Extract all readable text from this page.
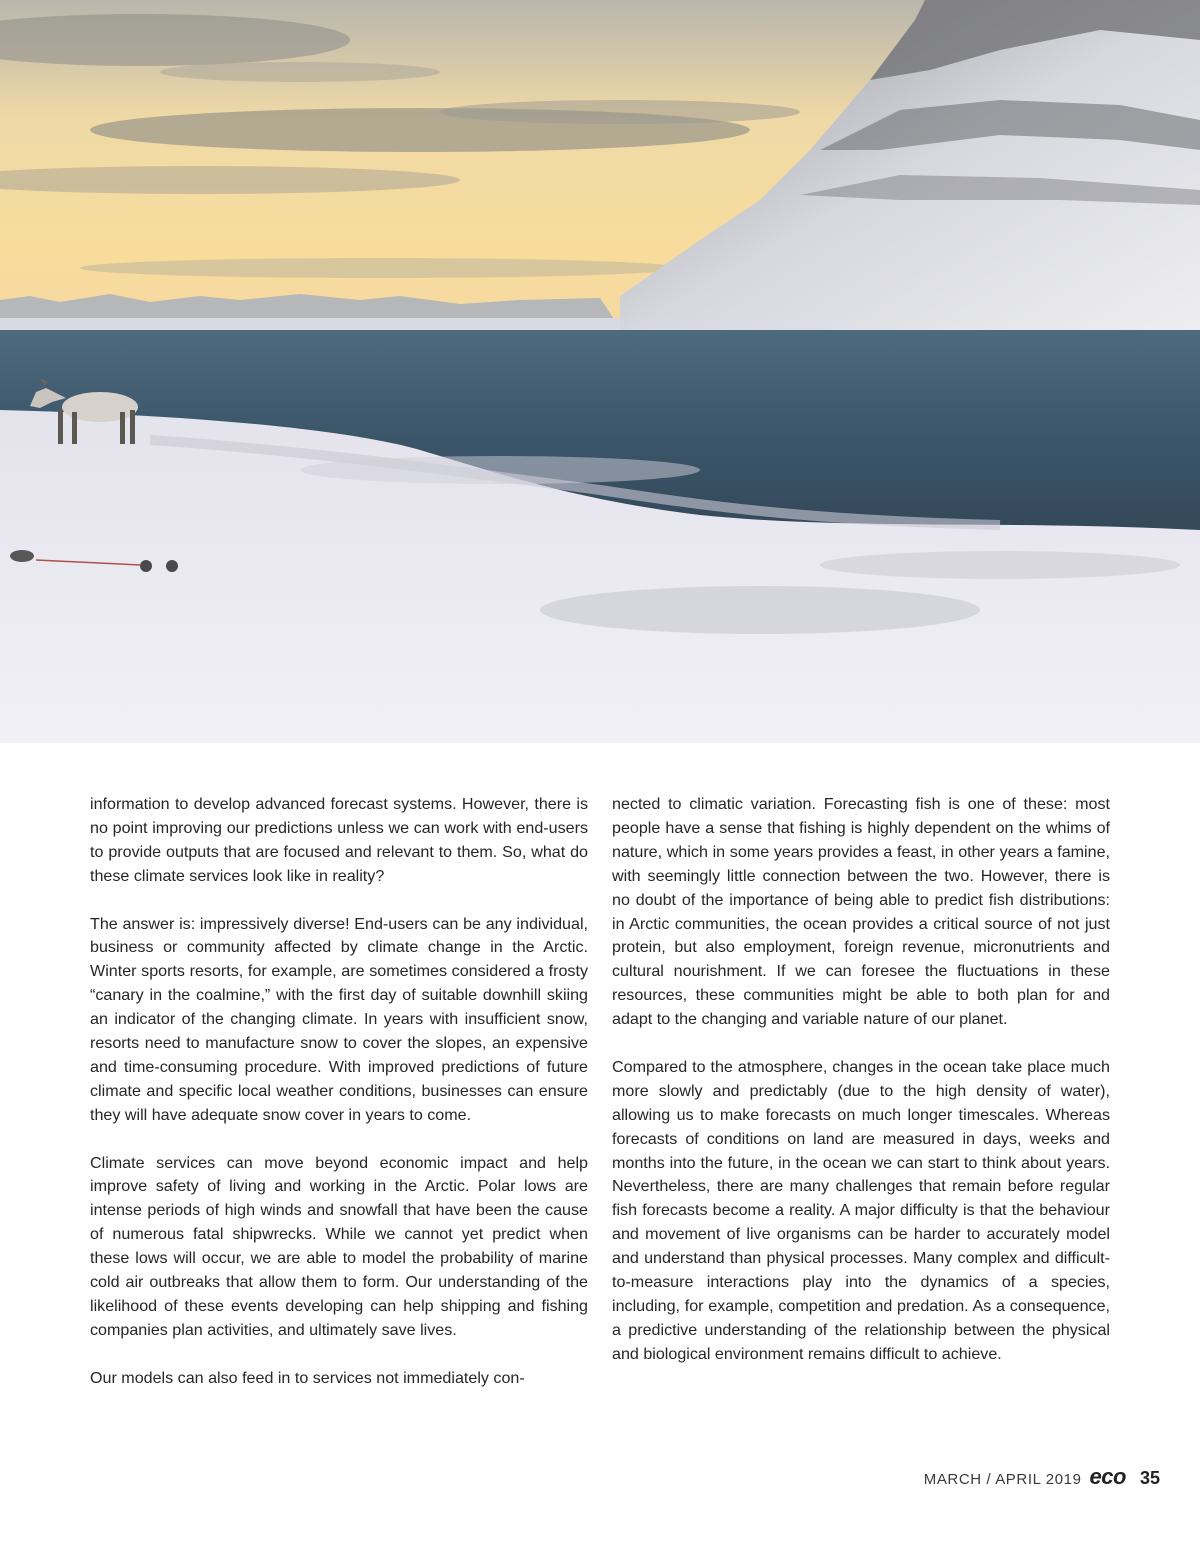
information to develop advanced forecast systems. However, there is no point improving our predictions unless we can work with end-users to provide outputs that are focused and relevant to them. So, what do these climate services look like in reality?

The answer is: impressively diverse! End-users can be any individual, business or community affected by climate change in the Arctic. Winter sports resorts, for example, are sometimes considered a frosty “canary in the coalmine,” with the first day of suitable downhill skiing an indicator of the changing climate. In years with insufficient snow, resorts need to manufacture snow to cover the slopes, an expensive and time-consuming procedure. With improved predictions of future climate and specific local weather conditions, businesses can ensure they will have adequate snow cover in years to come.

Climate services can move beyond economic impact and help improve safety of living and working in the Arctic. Polar lows are intense periods of high winds and snowfall that have been the cause of numerous fatal shipwrecks. While we cannot yet predict when these lows will occur, we are able to model the probability of marine cold air outbreaks that allow them to form. Our understanding of the likelihood of these events developing can help shipping and fishing companies plan activities, and ultimately save lives.

Our models can also feed in to services not immediately con-

nected to climatic variation. Forecasting fish is one of these: most people have a sense that fishing is highly dependent on the whims of nature, which in some years provides a feast, in other years a famine, with seemingly little connection between the two. However, there is no doubt of the importance of being able to predict fish distributions: in Arctic communities, the ocean provides a critical source of not just protein, but also employment, foreign revenue, micronutrients and cultural nourishment. If we can foresee the fluctuations in these resources, these communities might be able to both plan for and adapt to the changing and variable nature of our planet.

Compared to the atmosphere, changes in the ocean take place much more slowly and predictably (due to the high density of water), allowing us to make forecasts on much longer timescales. Whereas forecasts of conditions on land are measured in days, weeks and months into the future, in the ocean we can start to think about years. Nevertheless, there are many challenges that remain before regular fish forecasts become a reality. A major difficulty is that the behaviour and movement of live organisms can be harder to accurately model and understand than physical processes. Many complex and difficult-to-measure interactions play into the dynamics of a species, including, for example, competition and predation. As a consequence, a predictive understanding of the relationship between the physical and biological environment remains difficult to achieve.

MARCH / APRIL 2019 eco 35
